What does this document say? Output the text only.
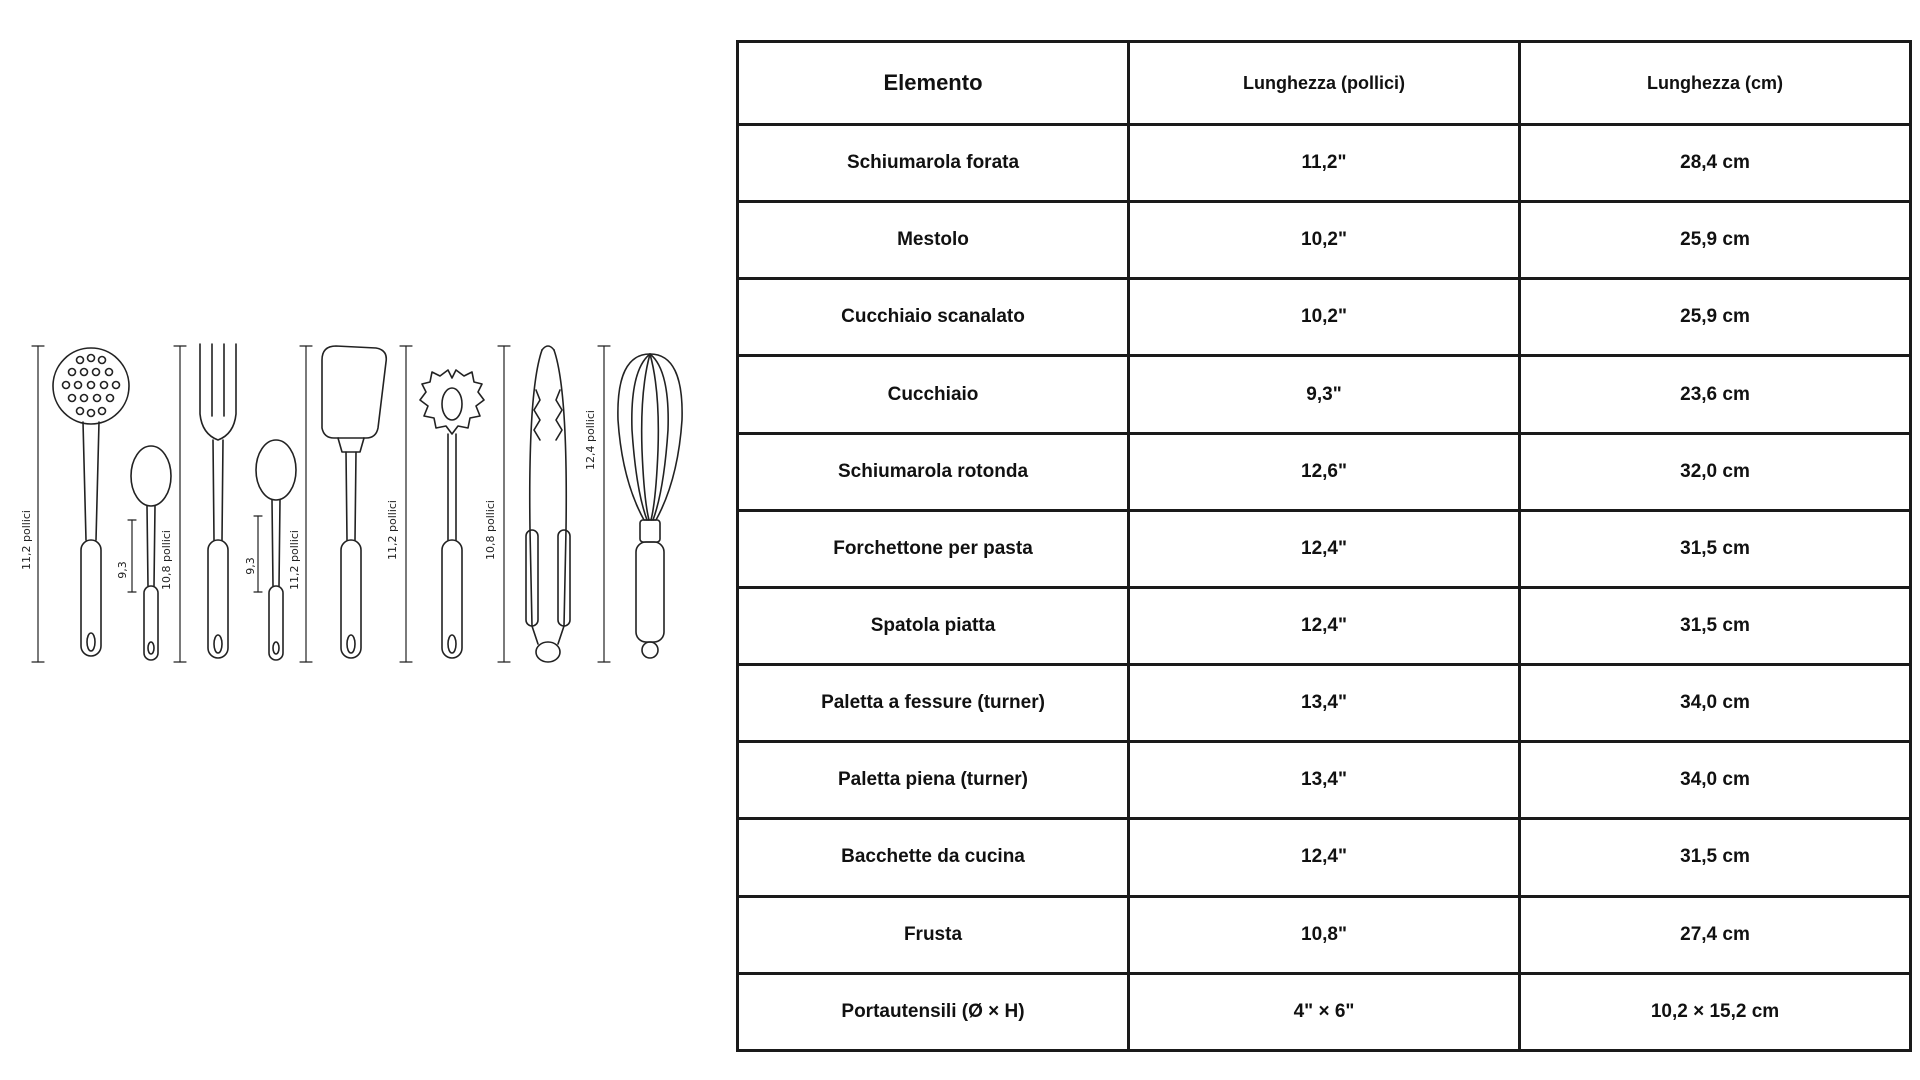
11,2 pollici
9,3	10,8 pollici	9,3	11,2 pollici
11,2 pollici	10,8 pollici
12,4 pollici
Elemento	Lunghezza (pollici)	Lunghezza (cm)
Schiumarola forata	11,2"	28,4 cm
Mestolo	10,2"	25,9 cm
Cucchiaio scanalato	10,2"	25,9 cm
Cucchiaio	9,3"	23,6 cm
Schiumarola rotonda	12,6"	32,0 cm
Forchettone per pasta	12,4"	31,5 cm
Spatola piatta	12,4"	31,5 cm
Paletta a fessure (turner)	13,4"	34,0 cm
Paletta piena (turner)	13,4"	34,0 cm
Bacchette da cucina	12,4"	31,5 cm
Frusta	10,8"	27,4 cm
Portautensili (Ø × H)	4" × 6"	10,2 × 15,2 cm
